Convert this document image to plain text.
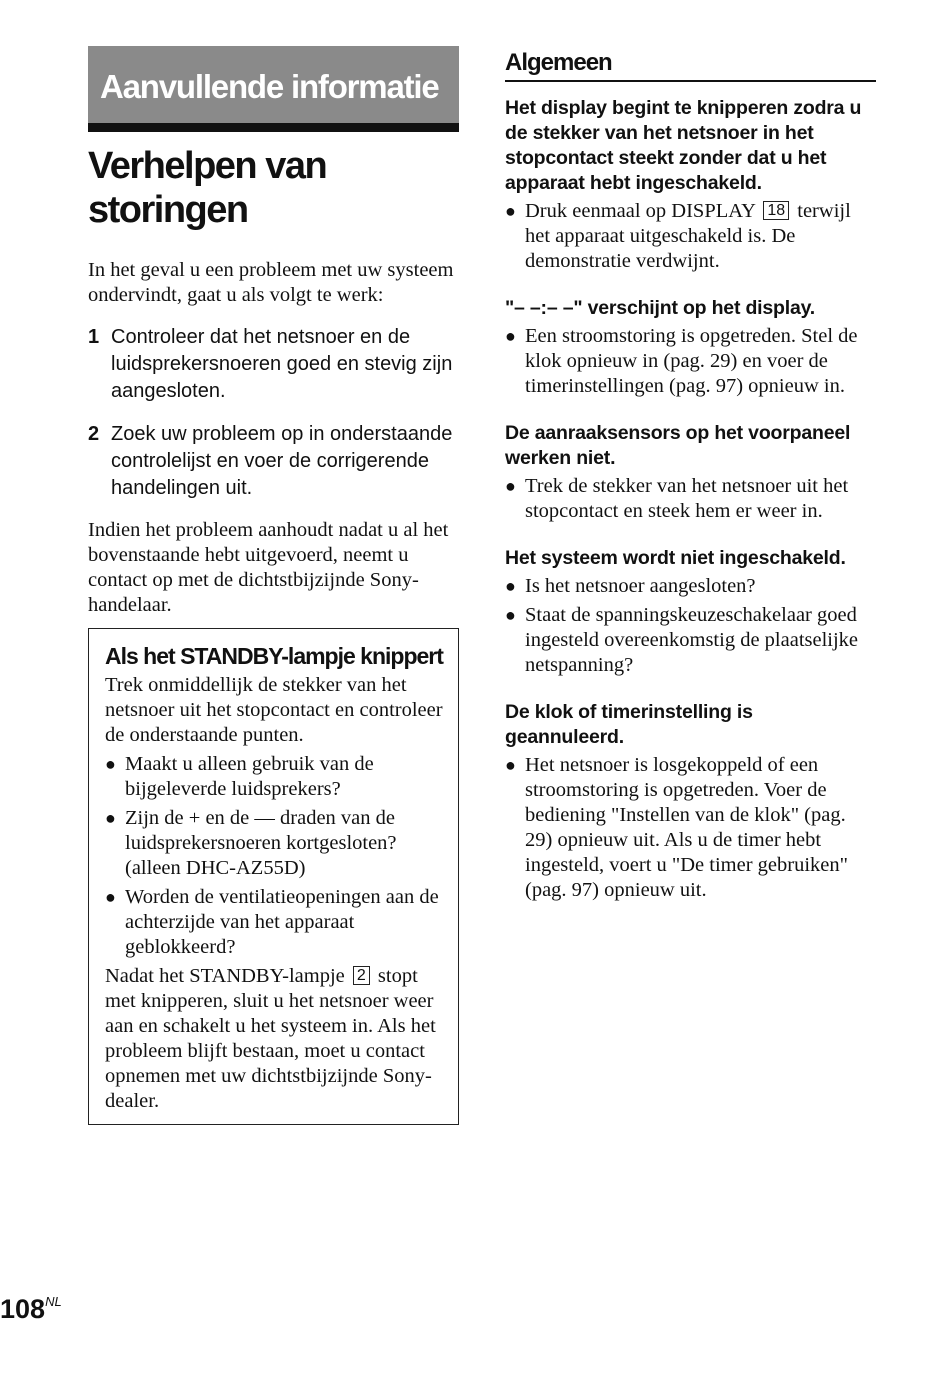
Aanvullende informatie
Verhelpen van
storingen

In het geval u een probleem met uw systeem ondervindt, gaat u als volgt te werk:

1 Controleer dat het netsnoer en de luidsprekersnoeren goed en stevig zijn aangesloten.
2 Zoek uw probleem op in onderstaande controlelijst en voer de corrigerende handelingen uit.

Indien het probleem aanhoudt nadat u al het bovenstaande hebt uitgevoerd, neemt u contact op met de dichtstbijzijnde Sony-handelaar.

Als het STANDBY-lampje knippert

Trek onmiddellijk de stekker van het netsnoer uit het stopcontact en controleer de onderstaande punten.

● Maakt u alleen gebruik van de bijgeleverde luidsprekers?
● Zijn de + en de — draden van de luidsprekersnoeren kortgesloten? (alleen DHC-AZ55D)
● Worden de ventilatieopeningen aan de achterzijde van het apparaat geblokkeerd?

Nadat het STANDBY-lampje 2 stopt met knipperen, sluit u het netsnoer weer aan en schakelt u het systeem in. Als het probleem blijft bestaan, moet u contact opnemen met uw dichtstbijzijnde Sony-dealer.

Algemeen

Het display begint te knipperen zodra u de stekker van het netsnoer in het stopcontact steekt zonder dat u het apparaat hebt ingeschakeld.

● Druk eenmaal op DISPLAY 18 terwijl het apparaat uitgeschakeld is. De demonstratie verdwijnt.

"– –:– –" verschijnt op het display.

● Een stroomstoring is opgetreden. Stel de klok opnieuw in (pag. 29) en voer de timerinstellingen (pag. 97) opnieuw in.

De aanraaksensors op het voorpaneel werken niet.

● Trek de stekker van het netsnoer uit het stopcontact en steek hem er weer in.

Het systeem wordt niet ingeschakeld.

● Is het netsnoer aangesloten?
● Staat de spanningskeuzeschakelaar goed ingesteld overeenkomstig de plaatselijke netspanning?

De klok of timerinstelling is geannuleerd.

● Het netsnoer is losgekoppeld of een stroomstoring is opgetreden. Voer de bediening "Instellen van de klok" (pag. 29) opnieuw uit. Als u de timer hebt ingesteld, voert u "De timer gebruiken" (pag. 97) opnieuw uit.
$108^{NL}$
